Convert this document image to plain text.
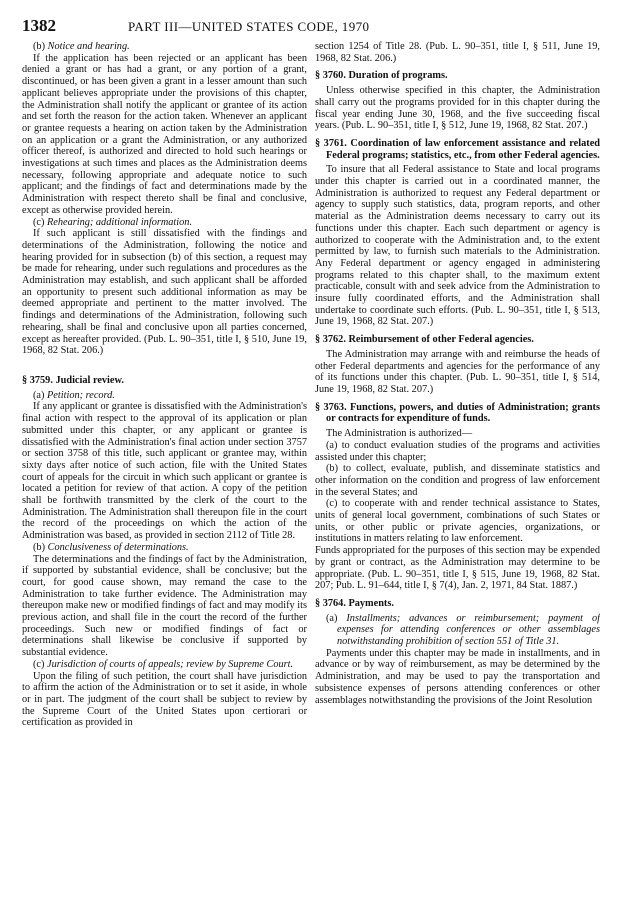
1382	PART III—UNITED STATES CODE, 1970

(b) Notice and hearing.

If the application has been rejected or an applicant has been denied a grant or has had a grant, or any portion of a grant, discontinued, or has been given a grant in a lesser amount than such applicant believes appropriate under the provisions of this chapter, the Administration shall notify the applicant or grantee of its action and set forth the reason for the action taken. Whenever an applicant or grantee requests a hearing on action taken by the Administration on an application or a grant the Administration, or any authorized officer thereof, is authorized and directed to hold such hearings or investigations at such times and places as the Administration deems necessary, following appropriate and adequate notice to such applicant; and the findings of fact and determinations made by the Administration with respect thereto shall be final and conclusive, except as otherwise provided herein.

(c) Rehearing; additional information.

If such applicant is still dissatisfied with the findings and determinations of the Administration, following the notice and hearing provided for in subsection (b) of this section, a request may be made for rehearing, under such regulations and procedures as the Administration may establish, and such applicant shall be afforded an opportunity to present such additional information as may be deemed appropriate and pertinent to the matter involved. The findings and determinations of the Administration, following such rehearing, shall be final and conclusive upon all parties concerned, except as hereafter provided. (Pub. L. 90–351, title I, § 510, June 19, 1968, 82 Stat. 206.)

§ 3759. Judicial review.

(a) Petition; record.

If any applicant or grantee is dissatisfied with the Administration's final action with respect to the approval of its application or plan submitted under this chapter, or any applicant or grantee is dissatisfied with the Administration's final action under section 3757 or section 3758 of this title, such applicant or grantee may, within sixty days after notice of such action, file with the United States court of appeals for the circuit in which such applicant or grantee is located a petition for review of that action. A copy of the petition shall be forthwith transmitted by the clerk of the court to the Administration. The Administration shall thereupon file in the court the record of the proceedings on which the action of the Administration was based, as provided in section 2112 of Title 28.

(b) Conclusiveness of determinations.

The determinations and the findings of fact by the Administration, if supported by substantial evidence, shall be conclusive; but the court, for good cause shown, may remand the case to the Administration to take further evidence. The Administration may thereupon make new or modified findings of fact and may modify its previous action, and shall file in the court the record of the further proceedings. Such new or modified findings of fact or determinations shall likewise be conclusive if supported by substantial evidence.

(c) Jurisdiction of courts of appeals; review by Supreme Court.

Upon the filing of such petition, the court shall have jurisdiction to affirm the action of the Administration or to set it aside, in whole or in part. The judgment of the court shall be subject to review by the Supreme Court of the United States upon certiorari or certification as provided in

section 1254 of Title 28. (Pub. L. 90–351, title I, § 511, June 19, 1968, 82 Stat. 206.)

§ 3760. Duration of programs.

Unless otherwise specified in this chapter, the Administration shall carry out the programs provided for in this chapter during the fiscal year ending June 30, 1968, and the five succeeding fiscal years. (Pub. L. 90–351, title I, § 512, June 19, 1968, 82 Stat. 207.)

§ 3761. Coordination of law enforcement assistance and related Federal programs; statistics, etc., from other Federal agencies.

To insure that all Federal assistance to State and local programs under this chapter is carried out in a coordinated manner, the Administration is authorized to request any Federal department or agency to supply such statistics, data, program reports, and other material as the Administration deems necessary to carry out its functions under this chapter. Each such department or agency is authorized to cooperate with the Administration and, to the extent permitted by law, to furnish such materials to the Administration. Any Federal department or agency engaged in administering programs related to this chapter shall, to the maximum extent practicable, consult with and seek advice from the Administration to insure fully coordinated efforts, and the Administration shall undertake to coordinate such efforts. (Pub. L. 90–351, title I, § 513, June 19, 1968, 82 Stat. 207.)

§ 3762. Reimbursement of other Federal agencies.

The Administration may arrange with and reimburse the heads of other Federal departments and agencies for the performance of any of its functions under this chapter. (Pub. L. 90–351, title I, § 514, June 19, 1968, 82 Stat. 207.)

§ 3763. Functions, powers, and duties of Administration; grants or contracts for expenditure of funds.

The Administration is authorized—

(a) to conduct evaluation studies of the programs and activities assisted under this chapter;

(b) to collect, evaluate, publish, and disseminate statistics and other information on the condition and progress of law enforcement in the several States; and

(c) to cooperate with and render technical assistance to States, units of general local government, combinations of such States or units, or other public or private agencies, organizations, or institutions in matters relating to law enforcement.

Funds appropriated for the purposes of this section may be expended by grant or contract, as the Administration may determine to be appropriate. (Pub. L. 90–351, title I, § 515, June 19, 1968, 82 Stat. 207; Pub. L. 91–644, title I, § 7(4), Jan. 2, 1971, 84 Stat. 1887.)

§ 3764. Payments.

(a) Installments; advances or reimbursement; payment of expenses for attending conferences or other assemblages notwithstanding prohibition of section 551 of Title 31.

Payments under this chapter may be made in installments, and in advance or by way of reimbursement, as may be determined by the Administration, and may be used to pay the transportation and subsistence expenses of persons attending conferences or other assemblages notwithstanding the provisions of the Joint Resolution
